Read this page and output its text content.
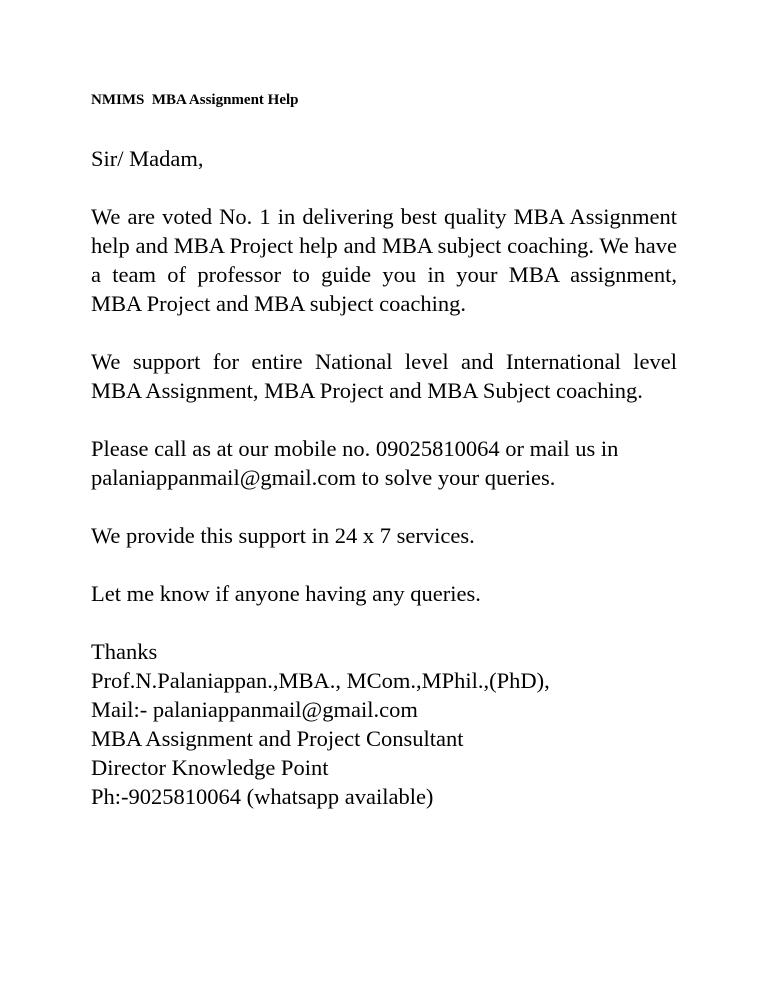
NMIMS  MBA Assignment Help
Sir/ Madam,

We are voted No. 1 in delivering best quality MBA Assignment help and MBA Project help and MBA subject coaching. We have a team of professor to guide you in your MBA assignment, MBA Project and MBA subject coaching.

We support for entire National level and International level MBA Assignment, MBA Project and MBA Subject coaching.

Please call as at our mobile no. 09025810064 or mail us in palaniappanmail@gmail.com to solve your queries.

We provide this support in 24 x 7 services.

Let me know if anyone having any queries.

Thanks
Prof.N.Palaniappan.,MBA., MCom.,MPhil.,(PhD),
Mail:- palaniappanmail@gmail.com
MBA Assignment and Project Consultant
Director Knowledge Point
Ph:-9025810064 (whatsapp available)
